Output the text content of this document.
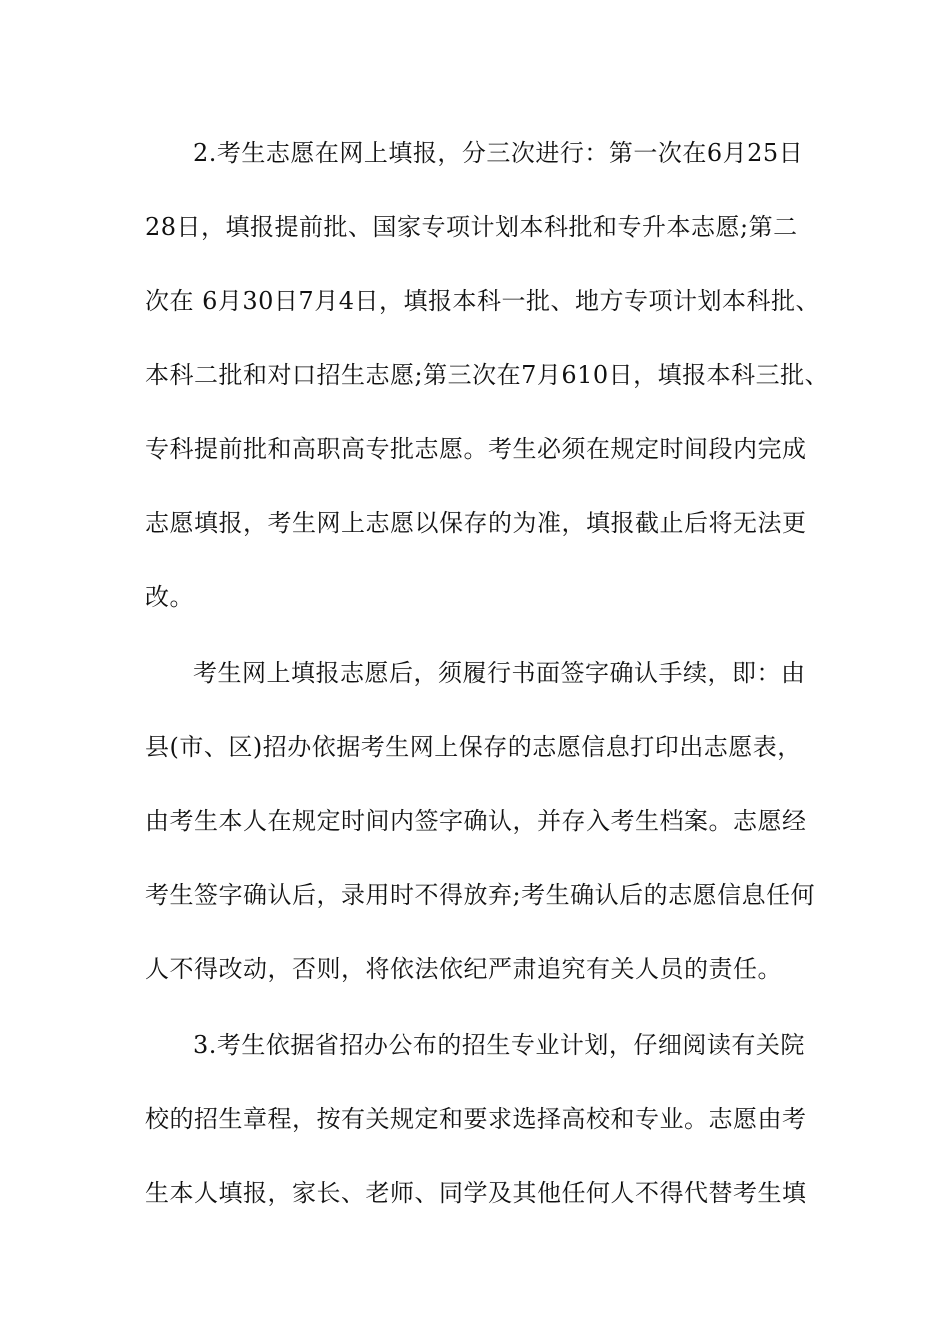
2.考生志愿在网上填报，分三次进行：第一次在6月25日
28日，填报提前批、国家专项计划本科批和专升本志愿;第二
次在 6月30日7月4日，填报本科一批、地方专项计划本科批、
本科二批和对口招生志愿;第三次在7月610日，填报本科三批、
专科提前批和高职高专批志愿。考生必须在规定时间段内完成
志愿填报，考生网上志愿以保存的为准，填报截止后将无法更
改。
考生网上填报志愿后，须履行书面签字确认手续，即：由
县(市、区)招办依据考生网上保存的志愿信息打印出志愿表，
由考生本人在规定时间内签字确认，并存入考生档案。志愿经
考生签字确认后，录用时不得放弃;考生确认后的志愿信息任何
人不得改动，否则，将依法依纪严肃追究有关人员的责任。
3.考生依据省招办公布的招生专业计划，仔细阅读有关院
校的招生章程，按有关规定和要求选择高校和专业。志愿由考
生本人填报，家长、老师、同学及其他任何人不得代替考生填
